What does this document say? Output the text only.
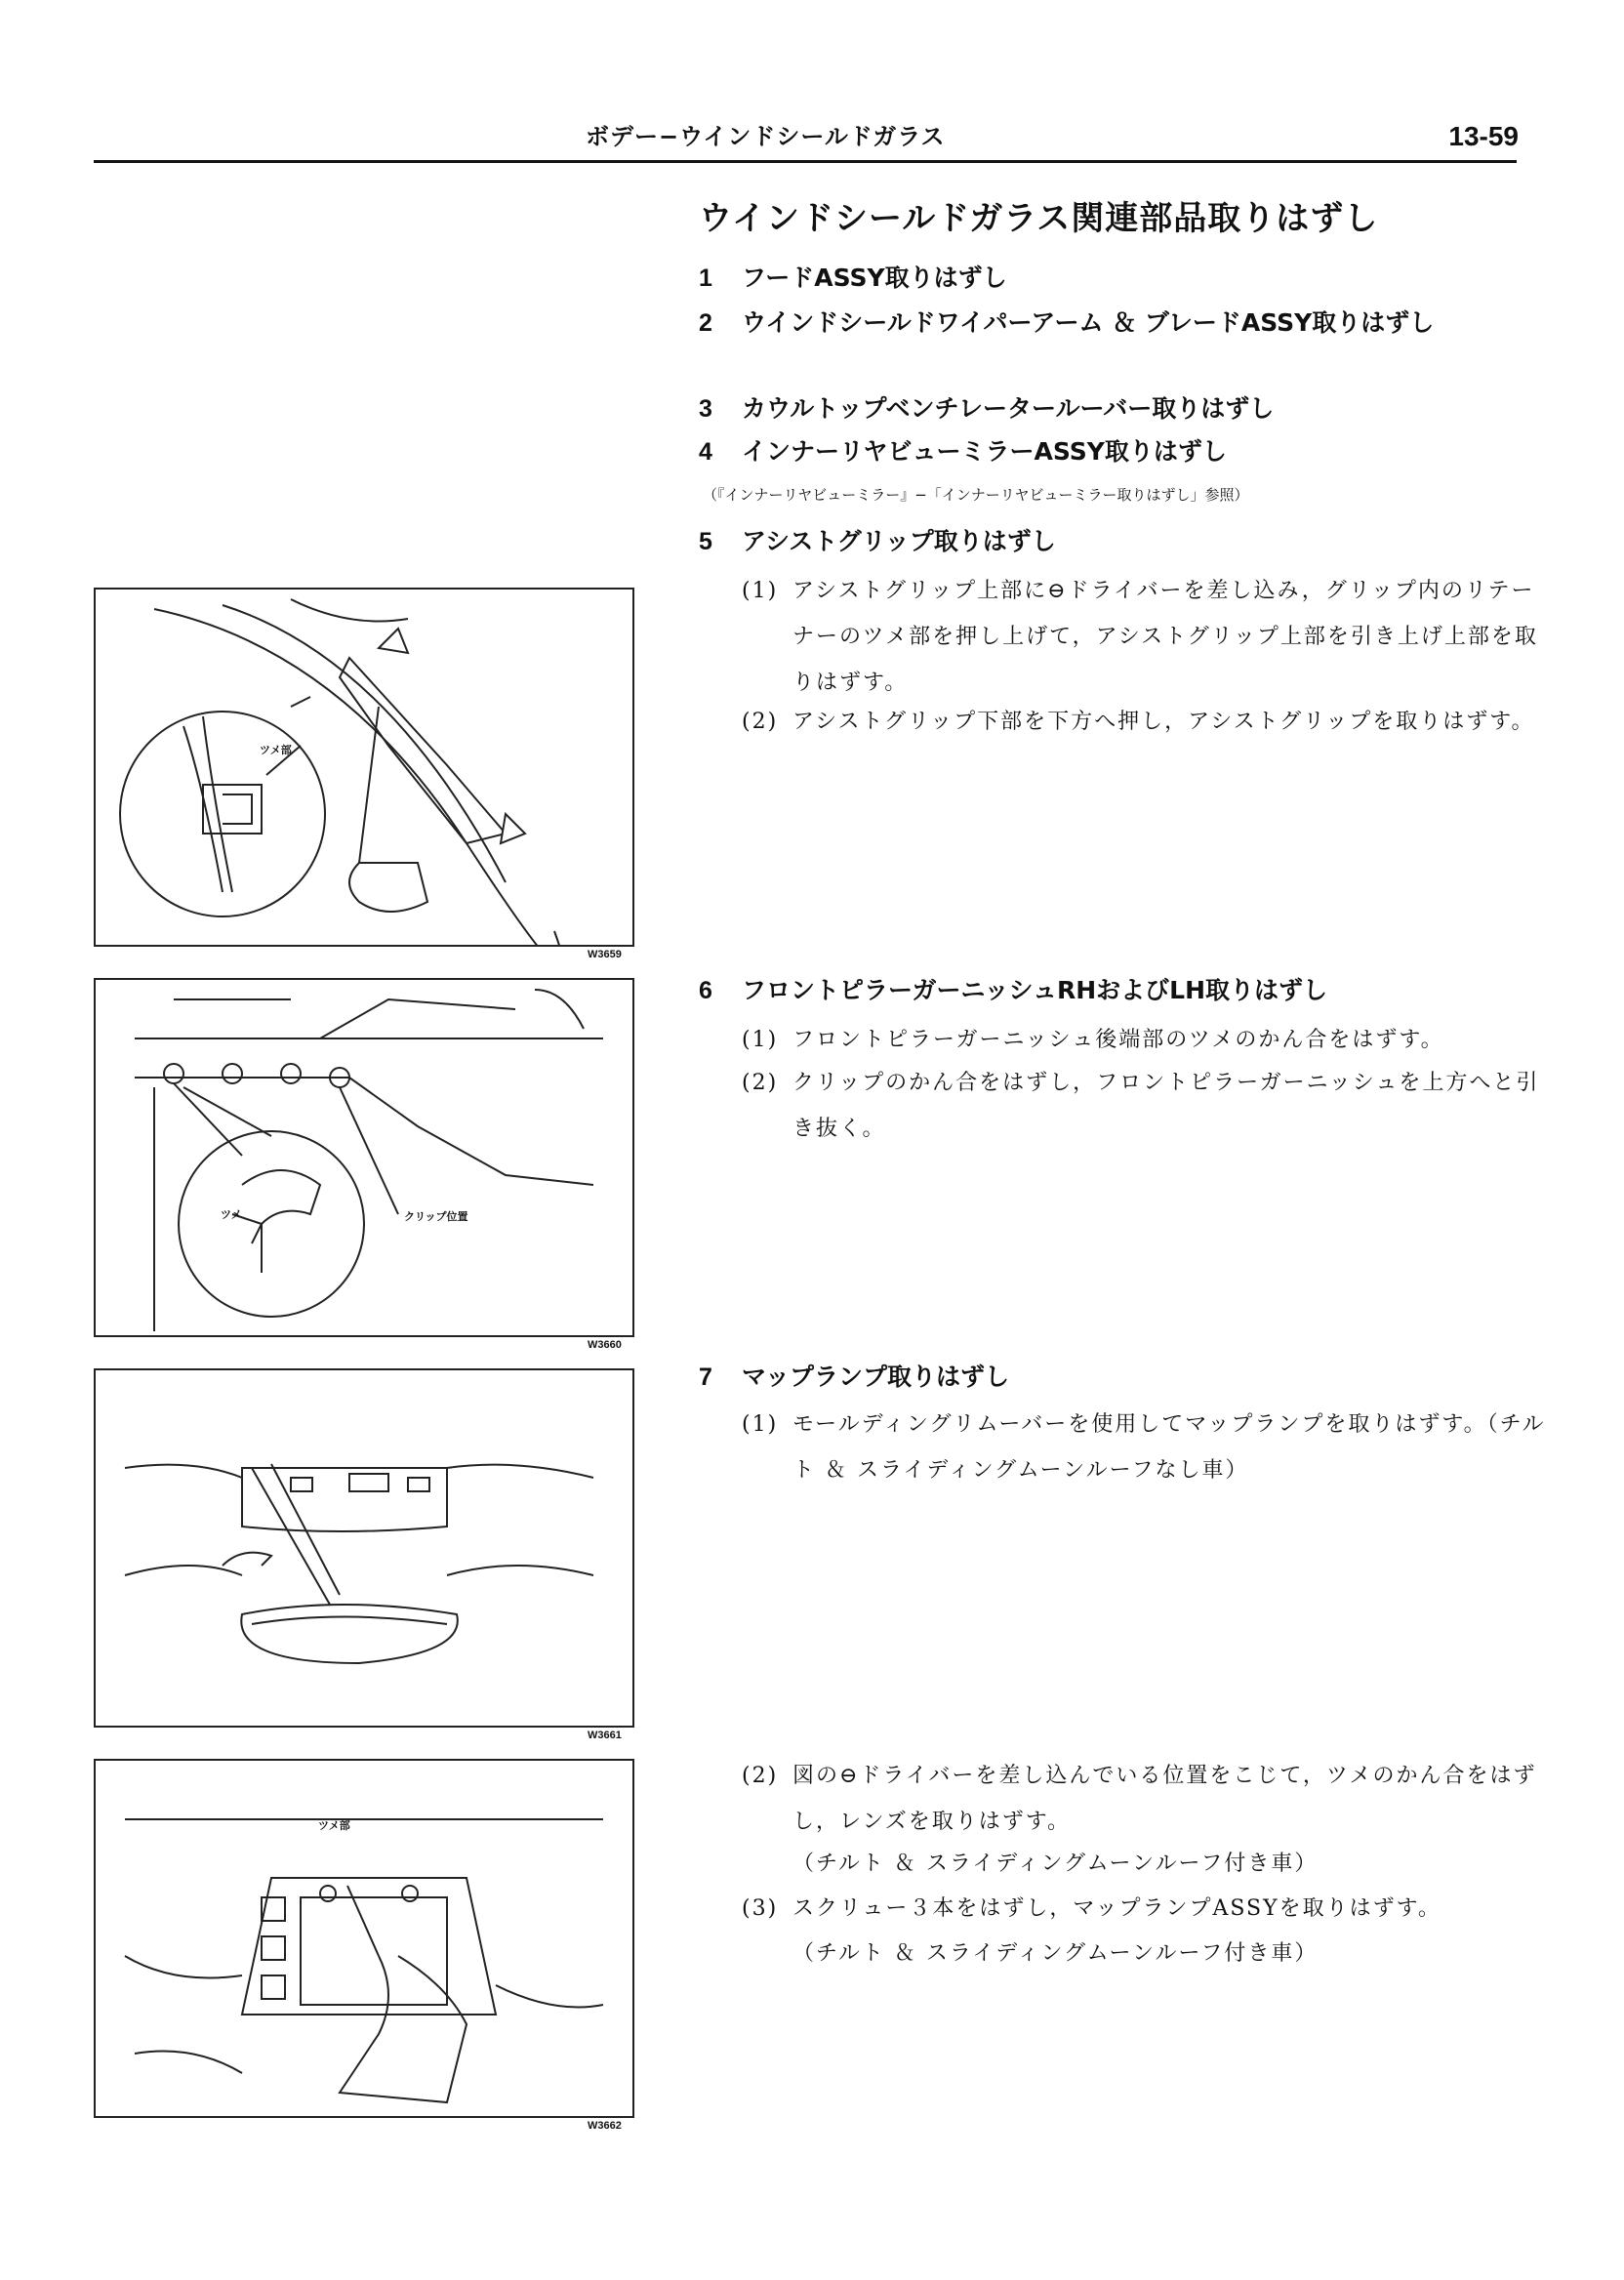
ボデー−ウインドシールドガラス	13-59
ウインドシールドガラス関連部品取りはずし
1 フードASSY取りはずし
2 ウインドシールドワイパーアーム ＆ ブレードASSY取りはずし
3 カウルトップベンチレータールーバー取りはずし
4 インナーリヤビューミラーASSY取りはずし
（『インナーリヤビューミラー』−「インナーリヤビューミラー取りはずし」参照）
5 アシストグリップ取りはずし
(1) アシストグリップ上部に⊖ドライバーを差し込み，グリップ内のリテーナーのツメ部を押し上げて，アシストグリップ上部を引き上げ上部を取りはずす。
(2) アシストグリップ下部を下方へ押し，アシストグリップを取りはずす。
6 フロントピラーガーニッシュRHおよびLH取りはずし
(1) フロントピラーガーニッシュ後端部のツメのかん合をはずす。
(2) クリップのかん合をはずし，フロントピラーガーニッシュを上方へと引き抜く。
7 マップランプ取りはずし
(1) モールディングリムーバーを使用してマップランプを取りはずす。（チルト ＆ スライディングムーンルーフなし車）
(2) 図の⊖ドライバーを差し込んでいる位置をこじて，ツメのかん合をはずし，レンズを取りはずす。
（チルト ＆ スライディングムーンルーフ付き車）
(3) スクリュー３本をはずし，マップランプASSYを取りはずす。
（チルト ＆ スライディングムーンルーフ付き車）
ツメ部
W3659
ツメ	クリップ位置
W3660
W3661
ツメ部
W3662
